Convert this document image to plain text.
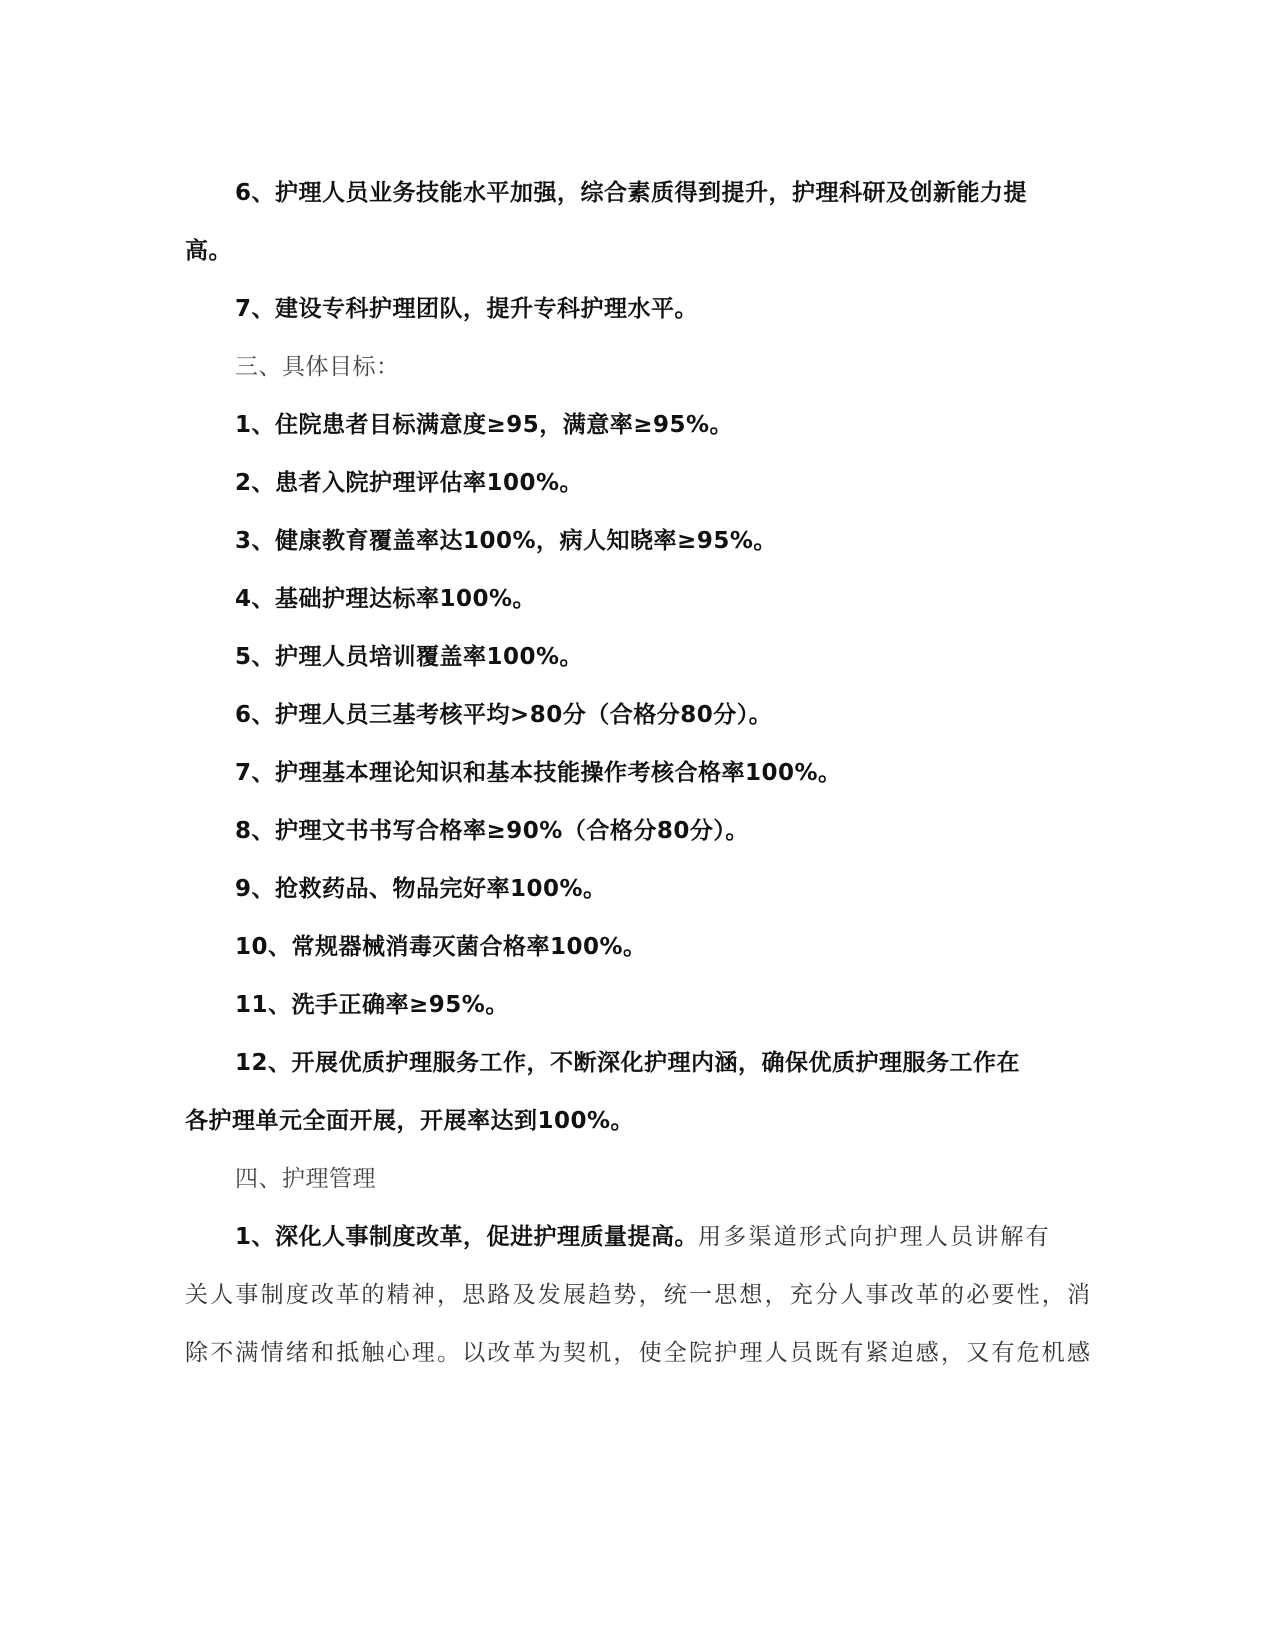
6、护理人员业务技能水平加强，综合素质得到提升，护理科研及创新能力提
高。
7、建设专科护理团队，提升专科护理水平。
三、具体目标：
1、住院患者目标满意度≥95，满意率≥95%。
2、患者入院护理评估率100%。
3、健康教育覆盖率达100%，病人知晓率≥95%。
4、基础护理达标率100%。
5、护理人员培训覆盖率100%。
6、护理人员三基考核平均>80分（合格分80分）。
7、护理基本理论知识和基本技能操作考核合格率100%。
8、护理文书书写合格率≥90%（合格分80分）。
9、抢救药品、物品完好率100%。
10、常规器械消毒灭菌合格率100%。
11、洗手正确率≥95%。
12、开展优质护理服务工作，不断深化护理内涵，确保优质护理服务工作在
各护理单元全面开展，开展率达到100%。
四、护理管理
1、深化人事制度改革，促进护理质量提高。用多渠道形式向护理人员讲解有
关人事制度改革的精神，思路及发展趋势，统一思想，充分人事改革的必要性，消
除不满情绪和抵触心理。以改革为契机，使全院护理人员既有紧迫感，又有危机感
